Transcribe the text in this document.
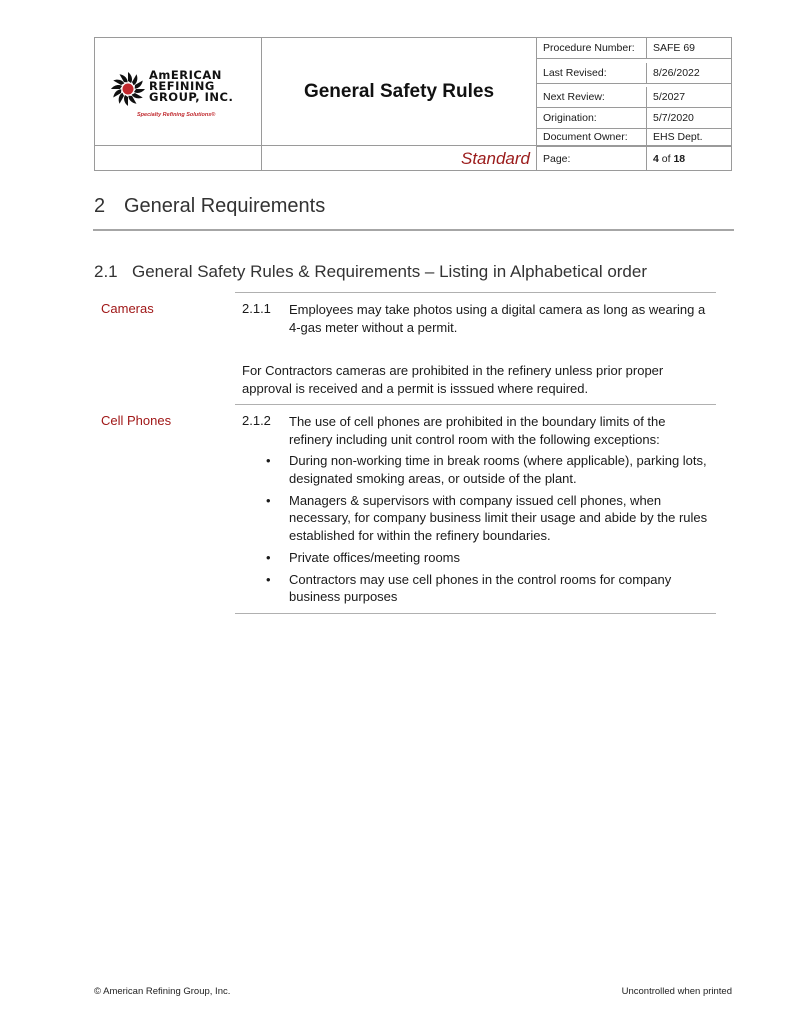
AmERICAN
REFINING
GROUP, INC.
Specialty Refining Solutions®
General Safety Rules
Standard
Procedure Number:	SAFE 69
Last Revised:	8/26/2022
Next Review:	5/2027
Origination:	5/7/2020
Document Owner:	EHS Dept.
Page:	4 of 18
2 General Requirements
2.1 General Safety Rules & Requirements – Listing in Alphabetical order
Cameras	2.1.1 Employees may take photos using a digital camera as long as wearing a 4-gas meter without a permit.
For Contractors cameras are prohibited in the refinery unless prior proper approval is received and a permit is isssued where required.
Cell Phones	2.1.2 The use of cell phones are prohibited in the boundary limits of the refinery including unit control room with the following exceptions:
• During non-working time in break rooms (where applicable), parking lots, designated smoking areas, or outside of the plant.
• Managers & supervisors with company issued cell phones, when necessary, for company business limit their usage and abide by the rules established for within the refinery boundaries.
• Private offices/meeting rooms
• Contractors may use cell phones in the control rooms for company business purposes
© American Refining Group, Inc.	Uncontrolled when printed
